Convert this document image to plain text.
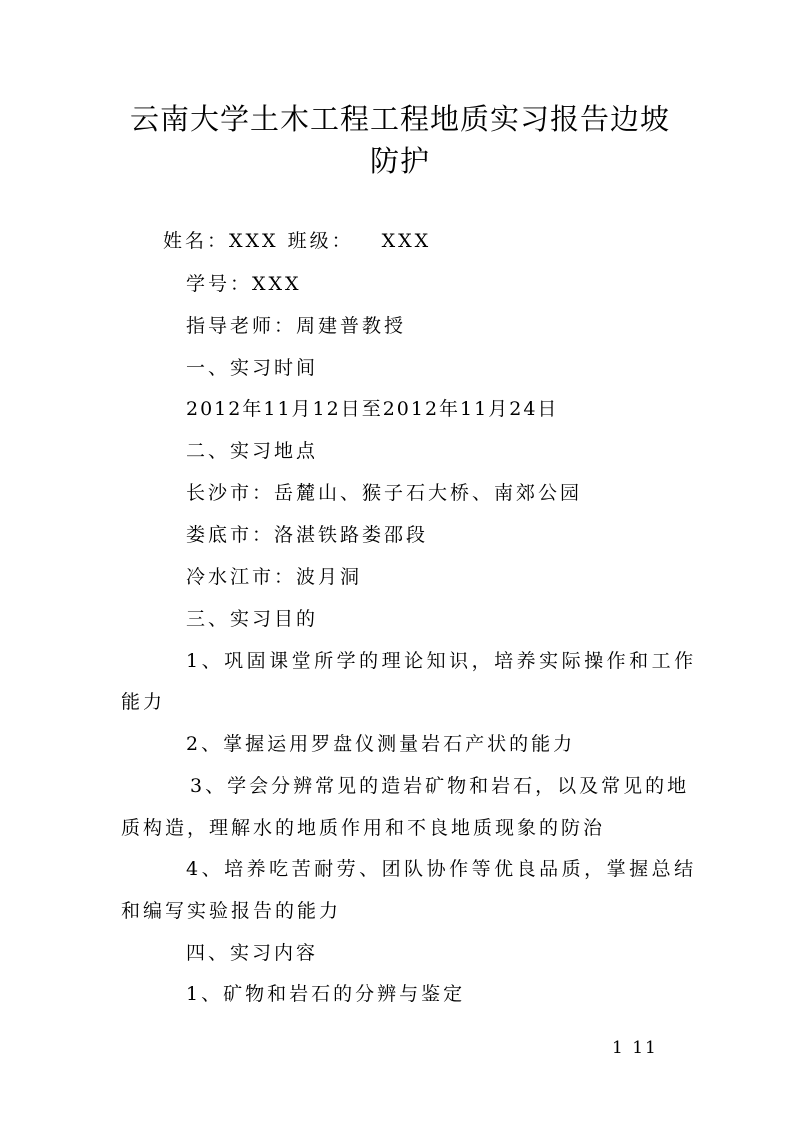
云南大学土木工程工程地质实习报告边坡
防护
姓名：XXX 班级： XXX
学号：XXX
指导老师：周建普教授
一、实习时间
2012年11月12日至2012年11月24日
二、实习地点
长沙市：岳麓山、猴子石大桥、南郊公园
娄底市：洛湛铁路娄邵段
冷水江市：波月洞
三、实习目的
1、巩固课堂所学的理论知识，培养实际操作和工作
能力
2、掌握运用罗盘仪测量岩石产状的能力
3、学会分辨常见的造岩矿物和岩石，以及常见的地
质构造，理解水的地质作用和不良地质现象的防治
4、培养吃苦耐劳、团队协作等优良品质，掌握总结
和编写实验报告的能力
四、实习内容
1、矿物和岩石的分辨与鉴定
1 11
